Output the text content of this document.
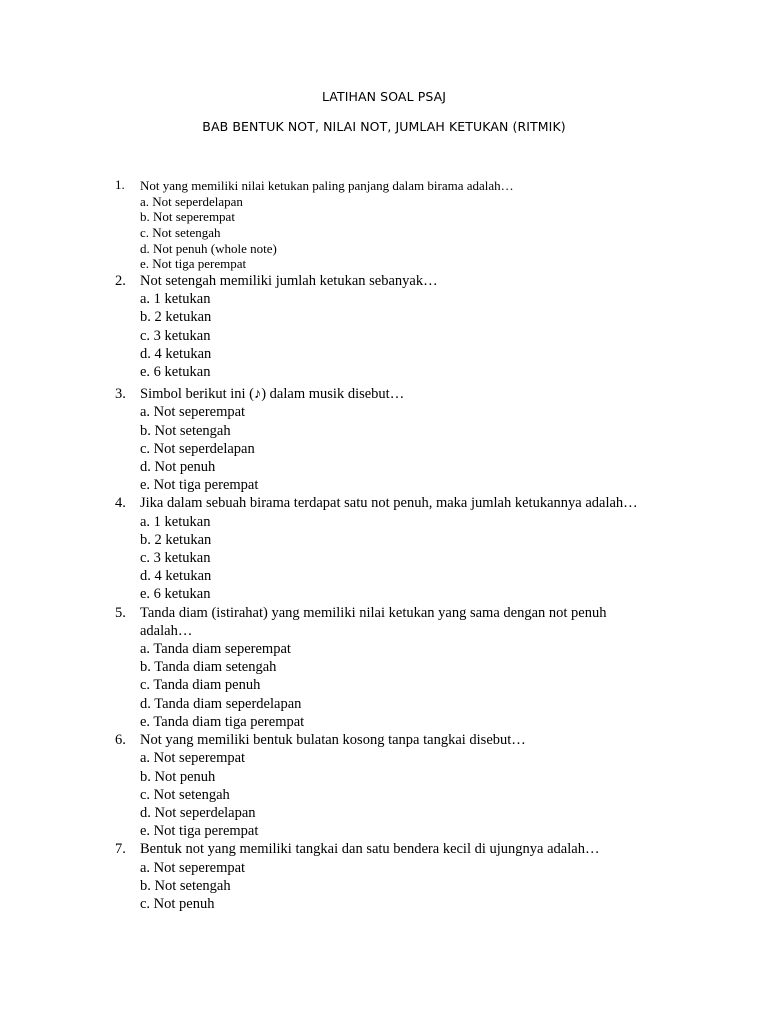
LATIHAN SOAL PSAJ
BAB BENTUK NOT, NILAI NOT, JUMLAH KETUKAN (RITMIK)
1.	Not yang memiliki nilai ketukan paling panjang dalam birama adalah…
a. Not seperdelapan
b. Not seperempat
c. Not setengah
d. Not penuh (whole note)
e. Not tiga perempat
2. Not setengah memiliki jumlah ketukan sebanyak…
a. 1 ketukan
b. 2 ketukan
c. 3 ketukan
d. 4 ketukan
e. 6 ketukan
3. Simbol berikut ini (♪) dalam musik disebut…
a. Not seperempat
b. Not setengah
c. Not seperdelapan
d. Not penuh
e. Not tiga perempat
4. Jika dalam sebuah birama terdapat satu not penuh, maka jumlah ketukannya adalah…
a. 1 ketukan
b. 2 ketukan
c. 3 ketukan
d. 4 ketukan
e. 6 ketukan
5. Tanda diam (istirahat) yang memiliki nilai ketukan yang sama dengan not penuh adalah…
a. Tanda diam seperempat
b. Tanda diam setengah
c. Tanda diam penuh
d. Tanda diam seperdelapan
e. Tanda diam tiga perempat
6. Not yang memiliki bentuk bulatan kosong tanpa tangkai disebut…
a. Not seperempat
b. Not penuh
c. Not setengah
d. Not seperdelapan
e. Not tiga perempat
7. Bentuk not yang memiliki tangkai dan satu bendera kecil di ujungnya adalah…
a. Not seperempat
b. Not setengah
c. Not penuh
